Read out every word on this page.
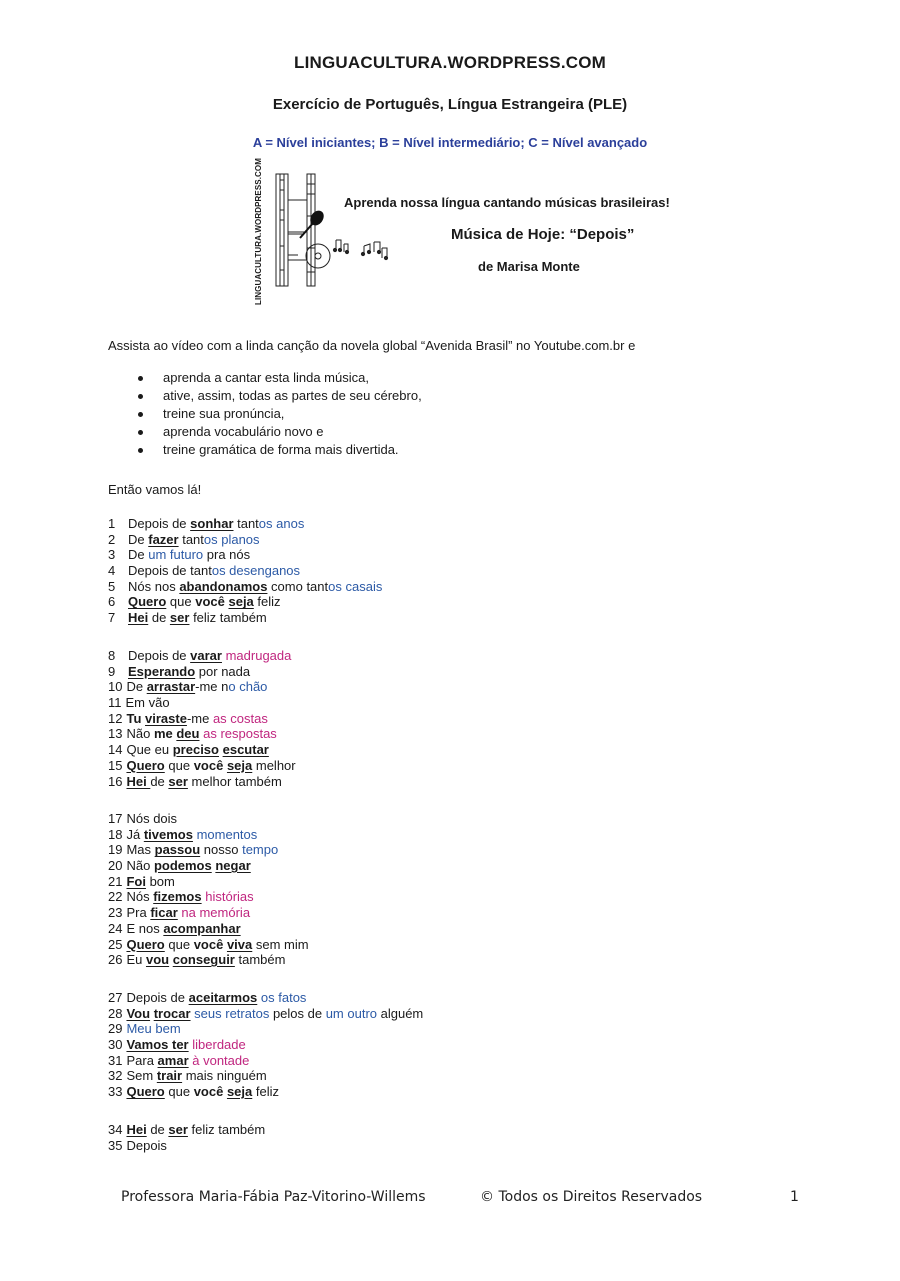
LINGUACULTURA.WORDPRESS.COM
Exercício de Português, Língua Estrangeira (PLE)
A = Nível iniciantes; B = Nível intermediário; C = Nível avançado
LINGUACULTURA.WORDPRESS.COM	Aprenda nossa língua cantando músicas brasileiras!
Música de Hoje: “Depois”
de Marisa Monte
Assista ao vídeo com a linda canção da novela global “Avenida Brasil” no Youtube.com.br e
aprenda a cantar esta linda música,
ative, assim, todas as partes de seu cérebro,
treine sua pronúncia,
aprenda vocabulário novo e
treine gramática de forma mais divertida.
Então vamos lá!
1 Depois de sonhar tantos anos
2 De fazer tantos planos
3 De um futuro pra nós
4 Depois de tantos desenganos
5 Nós nos abandonamos como tantos casais
6 Quero que você seja feliz
7 Hei de ser feliz também
8 Depois de varar madrugada
9 Esperando por nada
10 De arrastar-me no chão
11 Em vão
12 Tu viraste-me as costas
13 Não me deu as respostas
14 Que eu preciso escutar
15 Quero que você seja melhor
16 Hei de ser melhor também
17 Nós dois
18 Já tivemos momentos
19 Mas passou nosso tempo
20 Não podemos negar
21 Foi bom
22 Nós fizemos histórias
23 Pra ficar na memória
24 E nos acompanhar
25 Quero que você viva sem mim
26 Eu vou conseguir também
27 Depois de aceitarmos os fatos
28 Vou trocar seus retratos pelos de um outro alguém
29 Meu bem
30 Vamos ter liberdade
31 Para amar à vontade
32 Sem trair mais ninguém
33 Quero que você seja feliz
34 Hei de ser feliz também
35 Depois
Professora Maria-Fábia Paz-Vitorino-Willems	© Todos os Direitos Reservados	1
